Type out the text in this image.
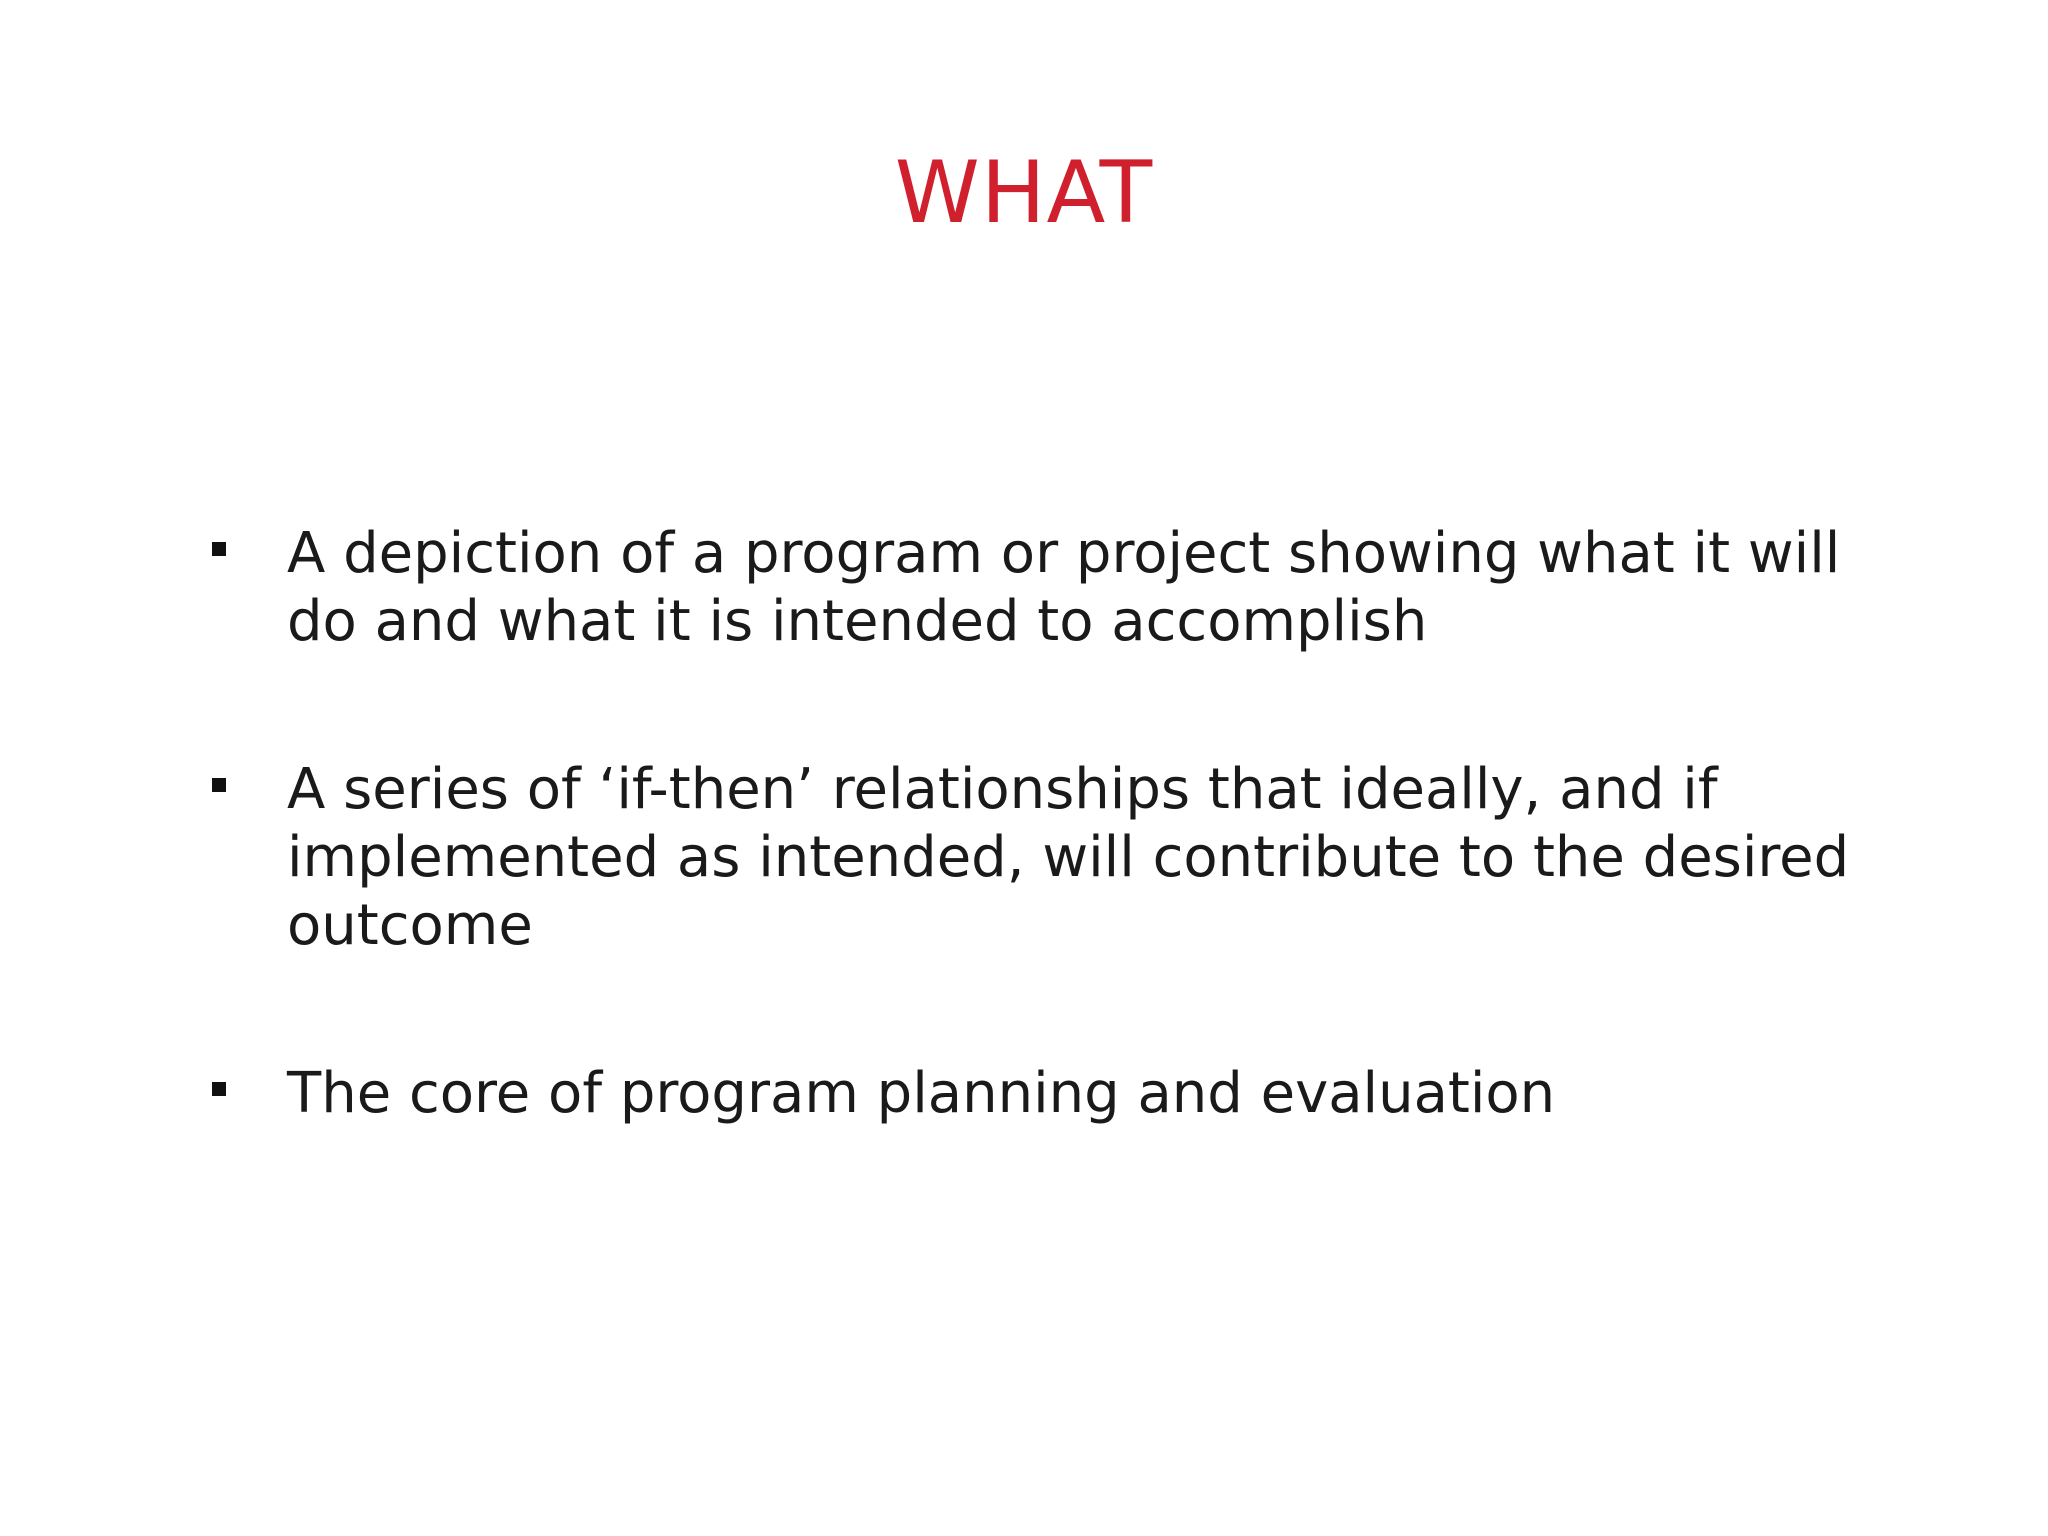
WHAT
A depiction of a program or project showing what it will do and what it is intended to accomplish
A series of ‘if-then’ relationships that ideally, and if implemented as intended, will contribute to the desired outcome
The core of program planning and evaluation
